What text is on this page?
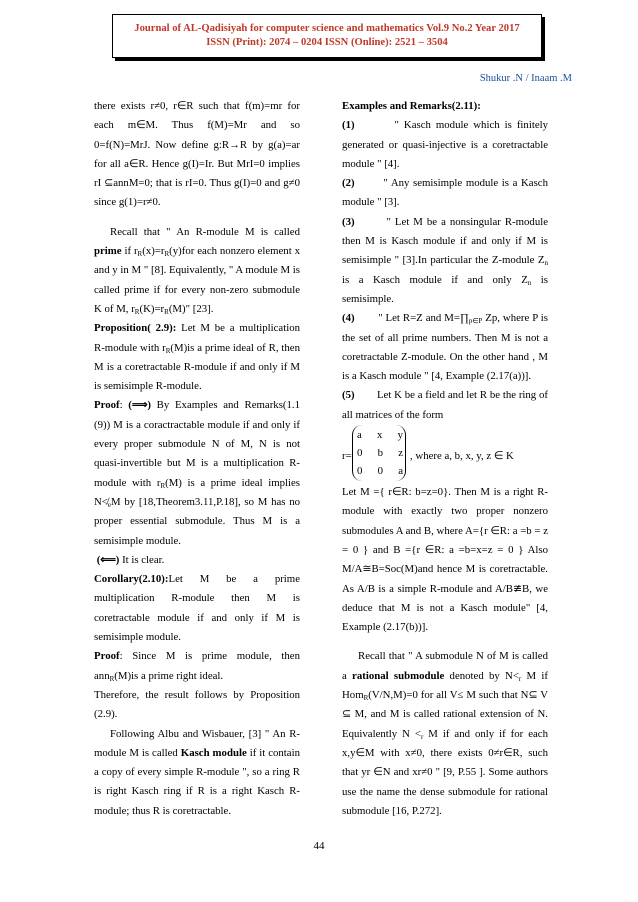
Journal of AL-Qadisiyah for computer science and mathematics Vol.9 No.2 Year 2017
ISSN (Print): 2074 – 0204 ISSN (Online): 2521 – 3504
Shukur .N / Inaam .M

there exists r≠0, r∈R such that f(m)=mr for each m∈M. Thus f(M)=Mr and so 0=f(N)=MrJ. Now define g:R→R by g(a)=ar for all a∈R. Hence g(I)=Ir. But MrI=0 implies rI ⊆annM=0; that is rI=0. Thus g(I)=0 and g≠0 since g(1)=r≠0.

Recall that " An R-module M is called prime if $r_R(x)=r_R(y)for$ each nonzero element x and y in M " [8]. Equivalently, " A module M is called prime if for every non-zero submodule K of M, $r_R(K)=r_R(M)$" [23].

Proposition( 2.9): Let M be a multiplication R-module with $r_R(M)is$ a prime ideal of R, then M is a coretractable R-module if and only if M is semisimple R-module.

Proof: (⟹) By Examples and Remarks(1.1 (9)) M is a coractractable module if and only if every proper submodule N of M, N is not quasi-invertible but M is a multiplication R-module with $r_R(M)$ is a prime ideal implies $N≮_eM$ by [18,Theorem3.11,P.18], so M has no proper essential submodule. Thus M is a semisimple module.

(⟸) It is clear.

Corollary(2.10):Let M be a prime multiplication R-module then M is coretractable module if and only if M is semisimple module.

Proof: Since M is prime module, then ann$_R$(M)is a prime right ideal.

Therefore, the result follows by Proposition (2.9).

Following Albu and Wisbauer, [3] " An R-module M is called Kasch module if it contain a copy of every simple R-module ", so a ring R is right Kasch ring if R is a right Kasch R-module; thus R is coretractable.

Examples and Remarks(2.11):

(1)	" Kasch module which is finitely generated or quasi-injective is a coretractable module " [4].

(2)	" Any semisimple module is a Kasch module " [3].

(3)	" Let M be a nonsingular R-module then M is Kasch module if and only if M is semisimple " [3].In particular the Z-module $Z_n$ is a Kasch module if and only $Z_n$ is semisimple.

(4) " Let R=Z and $M=\prod_{p\in P}$ Zp, where P is the set of all prime numbers. Then M is not a coretractable Z-module. On the other hand , M is a Kasch module " [4, Example (2.17(a))].

(5) Let K be a field and let R be the ring of all matrices of the form

r=
a x y
0 b z
0 0 a
, where a, b, x, y, z ∈ K

Let M ={ r∈R: b=z=0}. Then M is a right R-module with exactly two proper nonzero submodules A and B, where A={r ∈R: a =b = z = 0 } and B ={r ∈R: a =b=x=z = 0 } Also M/A≅B=Soc(M)and hence M is coretractable. As A/B is a simple R-module and A/B≇B, we deduce that M is not a Kasch module" [4, Example (2.17(b))].

Recall that " A submodule N of M is called a rational submodule denoted by $N<_r$ M if Hom$_R$(V/N,M)=0 for all V≤ M such that N⊆ V ⊆ M, and M is called rational extension of N. Equivalently $N <_r$ M if and only if for each x,y∈M with x≠0, there exists 0≠r∈R, such that yr ∈N and xr≠0 " [9, P.55 ]. Some authors use the name the dense submodule for rational submodule [16, P.272].

44
